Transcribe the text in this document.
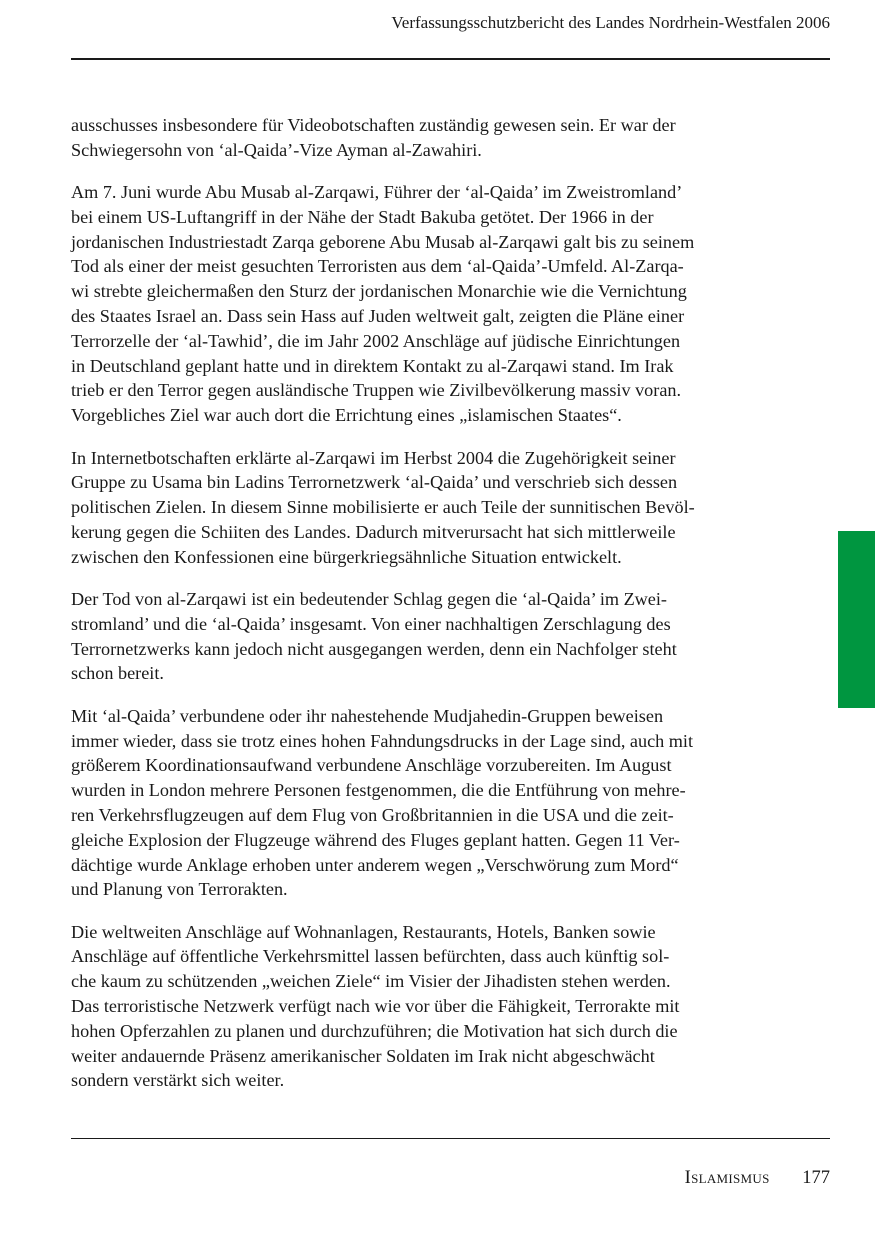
Verfassungsschutzbericht des Landes Nordrhein-Westfalen 2006

ausschusses insbesondere für Videobotschaften zuständig gewesen sein. Er war der
Schwiegersohn von ‘al-Qaida’-Vize Ayman al-Zawahiri.

Am 7. Juni wurde Abu Musab al-Zarqawi, Führer der ‘al-Qaida’ im Zweistromland’
bei einem US-Luftangriff in der Nähe der Stadt Bakuba getötet. Der 1966 in der
jordanischen Industriestadt Zarqa geborene Abu Musab al-Zarqawi galt bis zu seinem
Tod als einer der meist gesuchten Terroristen aus dem ‘al-Qaida’-Umfeld. Al-Zarqa-
wi strebte gleichermaßen den Sturz der jordanischen Monarchie wie die Vernichtung
des Staates Israel an. Dass sein Hass auf Juden weltweit galt, zeigten die Pläne einer
Terrorzelle der ‘al-Tawhid’, die im Jahr 2002 Anschläge auf jüdische Einrichtungen
in Deutschland geplant hatte und in direktem Kontakt zu al-Zarqawi stand. Im Irak
trieb er den Terror gegen ausländische Truppen wie Zivilbevölkerung massiv voran.
Vorgebliches Ziel war auch dort die Errichtung eines „islamischen Staates“.

In Internetbotschaften erklärte al-Zarqawi im Herbst 2004 die Zugehörigkeit seiner
Gruppe zu Usama bin Ladins Terrornetzwerk ‘al-Qaida’ und verschrieb sich dessen
politischen Zielen. In diesem Sinne mobilisierte er auch Teile der sunnitischen Bevöl-
kerung gegen die Schiiten des Landes. Dadurch mitverursacht hat sich mittlerweile
zwischen den Konfessionen eine bürgerkriegsähnliche Situation entwickelt.

Der Tod von al-Zarqawi ist ein bedeutender Schlag gegen die ‘al-Qaida’ im Zwei-
stromland’ und die ‘al-Qaida’ insgesamt. Von einer nachhaltigen Zerschlagung des
Terrornetzwerks kann jedoch nicht ausgegangen werden, denn ein Nachfolger steht
schon bereit.

Mit ‘al-Qaida’ verbundene oder ihr nahestehende Mudjahedin-Gruppen beweisen
immer wieder, dass sie trotz eines hohen Fahndungsdrucks in der Lage sind, auch mit
größerem Koordinationsaufwand verbundene Anschläge vorzubereiten. Im August
wurden in London mehrere Personen festgenommen, die die Entführung von mehre-
ren Verkehrsflugzeugen auf dem Flug von Großbritannien in die USA und die zeit-
gleiche Explosion der Flugzeuge während des Fluges geplant hatten. Gegen 11 Ver-
dächtige wurde Anklage erhoben unter anderem wegen „Verschwörung zum Mord“
und Planung von Terrorakten.

Die weltweiten Anschläge auf Wohnanlagen, Restaurants, Hotels, Banken sowie
Anschläge auf öffentliche Verkehrsmittel lassen befürchten, dass auch künftig sol-
che kaum zu schützenden „weichen Ziele“ im Visier der Jihadisten stehen werden.
Das terroristische Netzwerk verfügt nach wie vor über die Fähigkeit, Terrorakte mit
hohen Opferzahlen zu planen und durchzuführen; die Motivation hat sich durch die
weiter andauernde Präsenz amerikanischer Soldaten im Irak nicht abgeschwächt
sondern verstärkt sich weiter.

Islamismus 177
